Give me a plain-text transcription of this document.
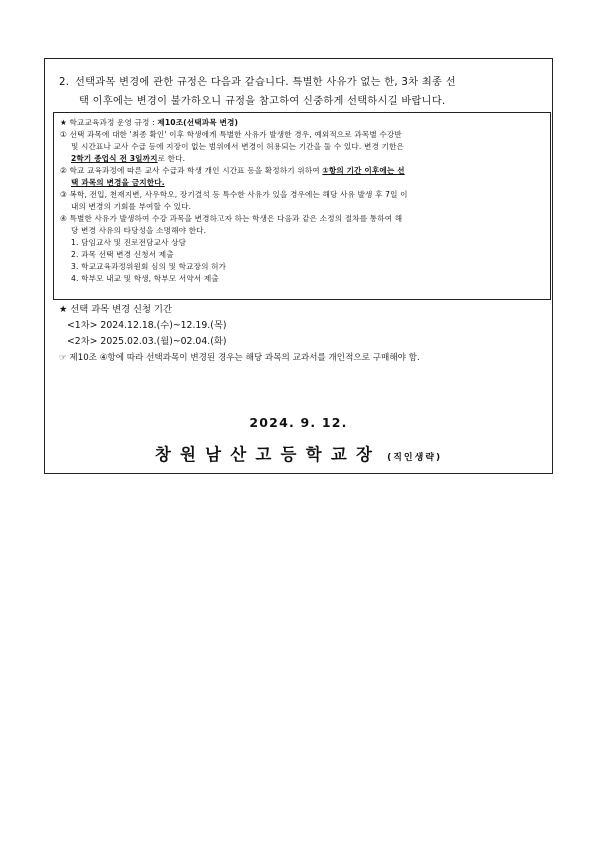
2. 선택과목 변경에 관한 규정은 다음과 같습니다. 특별한 사유가 없는 한, 3차 최종 선
택 이후에는 변경이 불가하오니 규정을 참고하여 신중하게 선택하시길 바랍니다.
★ 학교교육과정 운영 규정 : 제10조(선택과목 변경)
① 선택 과목에 대한 '최종 확인' 이후 학생에게 특별한 사유가 발생한 경우, 예외적으로 과목별 수강반
및 시간표나 교사 수급 등에 지장이 없는 범위에서 변경이 허용되는 기간을 둘 수 있다. 변경 기한은
2학기 종업식 전 3일까지로 한다.
② 학교 교육과정에 따른 교사 수급과 학생 개인 시간표 등을 확정하기 위하여 ①항의 기간 이후에는 선
택 과목의 변경을 금지한다.
③ 복학, 전입, 천재지변, 사우학오, 장기결석 등 특수한 사유가 있을 경우에는 해당 사유 발생 후 7일 이
내의 변경의 기회를 부여할 수 있다.
④ 특별한 사유가 발생하여 수강 과목을 변경하고자 하는 학생은 다음과 같은 소정의 절차를 통하여 해
당 변경 사유의 타당성을 소명해야 한다.
1. 담임교사 및 진로전담교사 상담
2. 과목 선택 변경 신청서 제출
3. 학교교육과정위원회 심의 및 학교장의 허가
4. 학부모 내교 및 학생, 학부모 서약서 제출
★ 선택 과목 변경 신청 기간
<1차> 2024.12.18.(수)~12.19.(목)
<2차> 2025.02.03.(월)~02.04.(화)
☞ 제10조 ④항에 따라 선택과목이 변경된 경우는 해당 과목의 교과서를 개인적으로 구매해야 함.
2024. 9. 12.
창원남산고등학교장 (직인생략)
